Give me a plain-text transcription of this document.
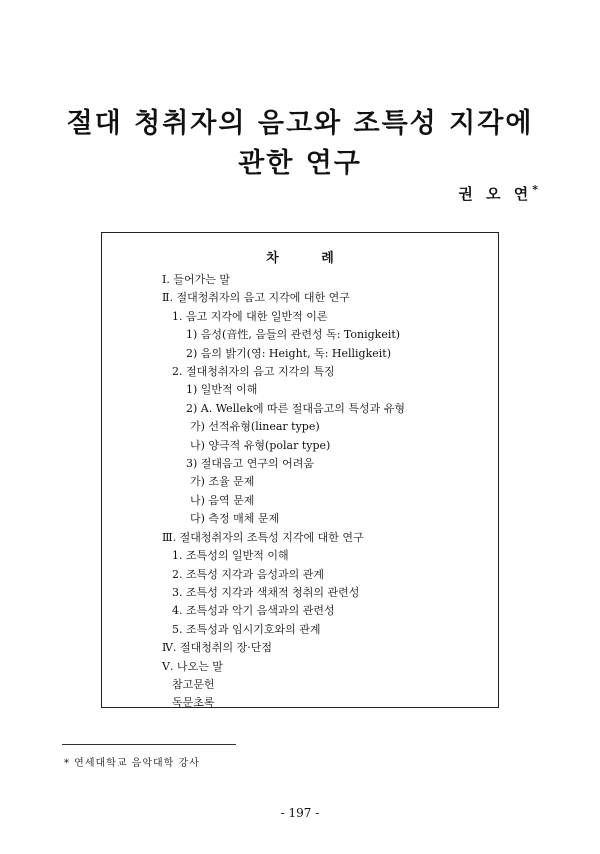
절대 청취자의 음고와 조특성 지각에
관한 연구
권 오 연*
차 례
Ⅰ. 들어가는 말
Ⅱ. 절대청취자의 음고 지각에 대한 연구
1. 음고 지각에 대한 일반적 이론
1) 음성(音性, 음들의 관련성 독: Tonigkeit)
2) 음의 밝기(영: Height, 독: Helligkeit)
2. 절대청취자의 음고 지각의 특징
1) 일반적 이해
2) A. Wellek에 따른 절대음고의 특성과 유형
가) 선적유형(linear type)
나) 양극적 유형(polar type)
3) 절대음고 연구의 어려움
가) 조율 문제
나) 음역 문제
다) 측정 매체 문제
Ⅲ. 절대청취자의 조특성 지각에 대한 연구
1. 조특성의 일반적 이해
2. 조특성 지각과 음성과의 관계
3. 조특성 지각과 색채적 청취의 관련성
4. 조특성과 악기 음색과의 관련성
5. 조특성과 임시기호와의 관계
Ⅳ. 절대청취의 장·단점
Ⅴ. 나오는 말
참고문헌
독문초록
* 연세대학교 음악대학 강사
- 197 -
